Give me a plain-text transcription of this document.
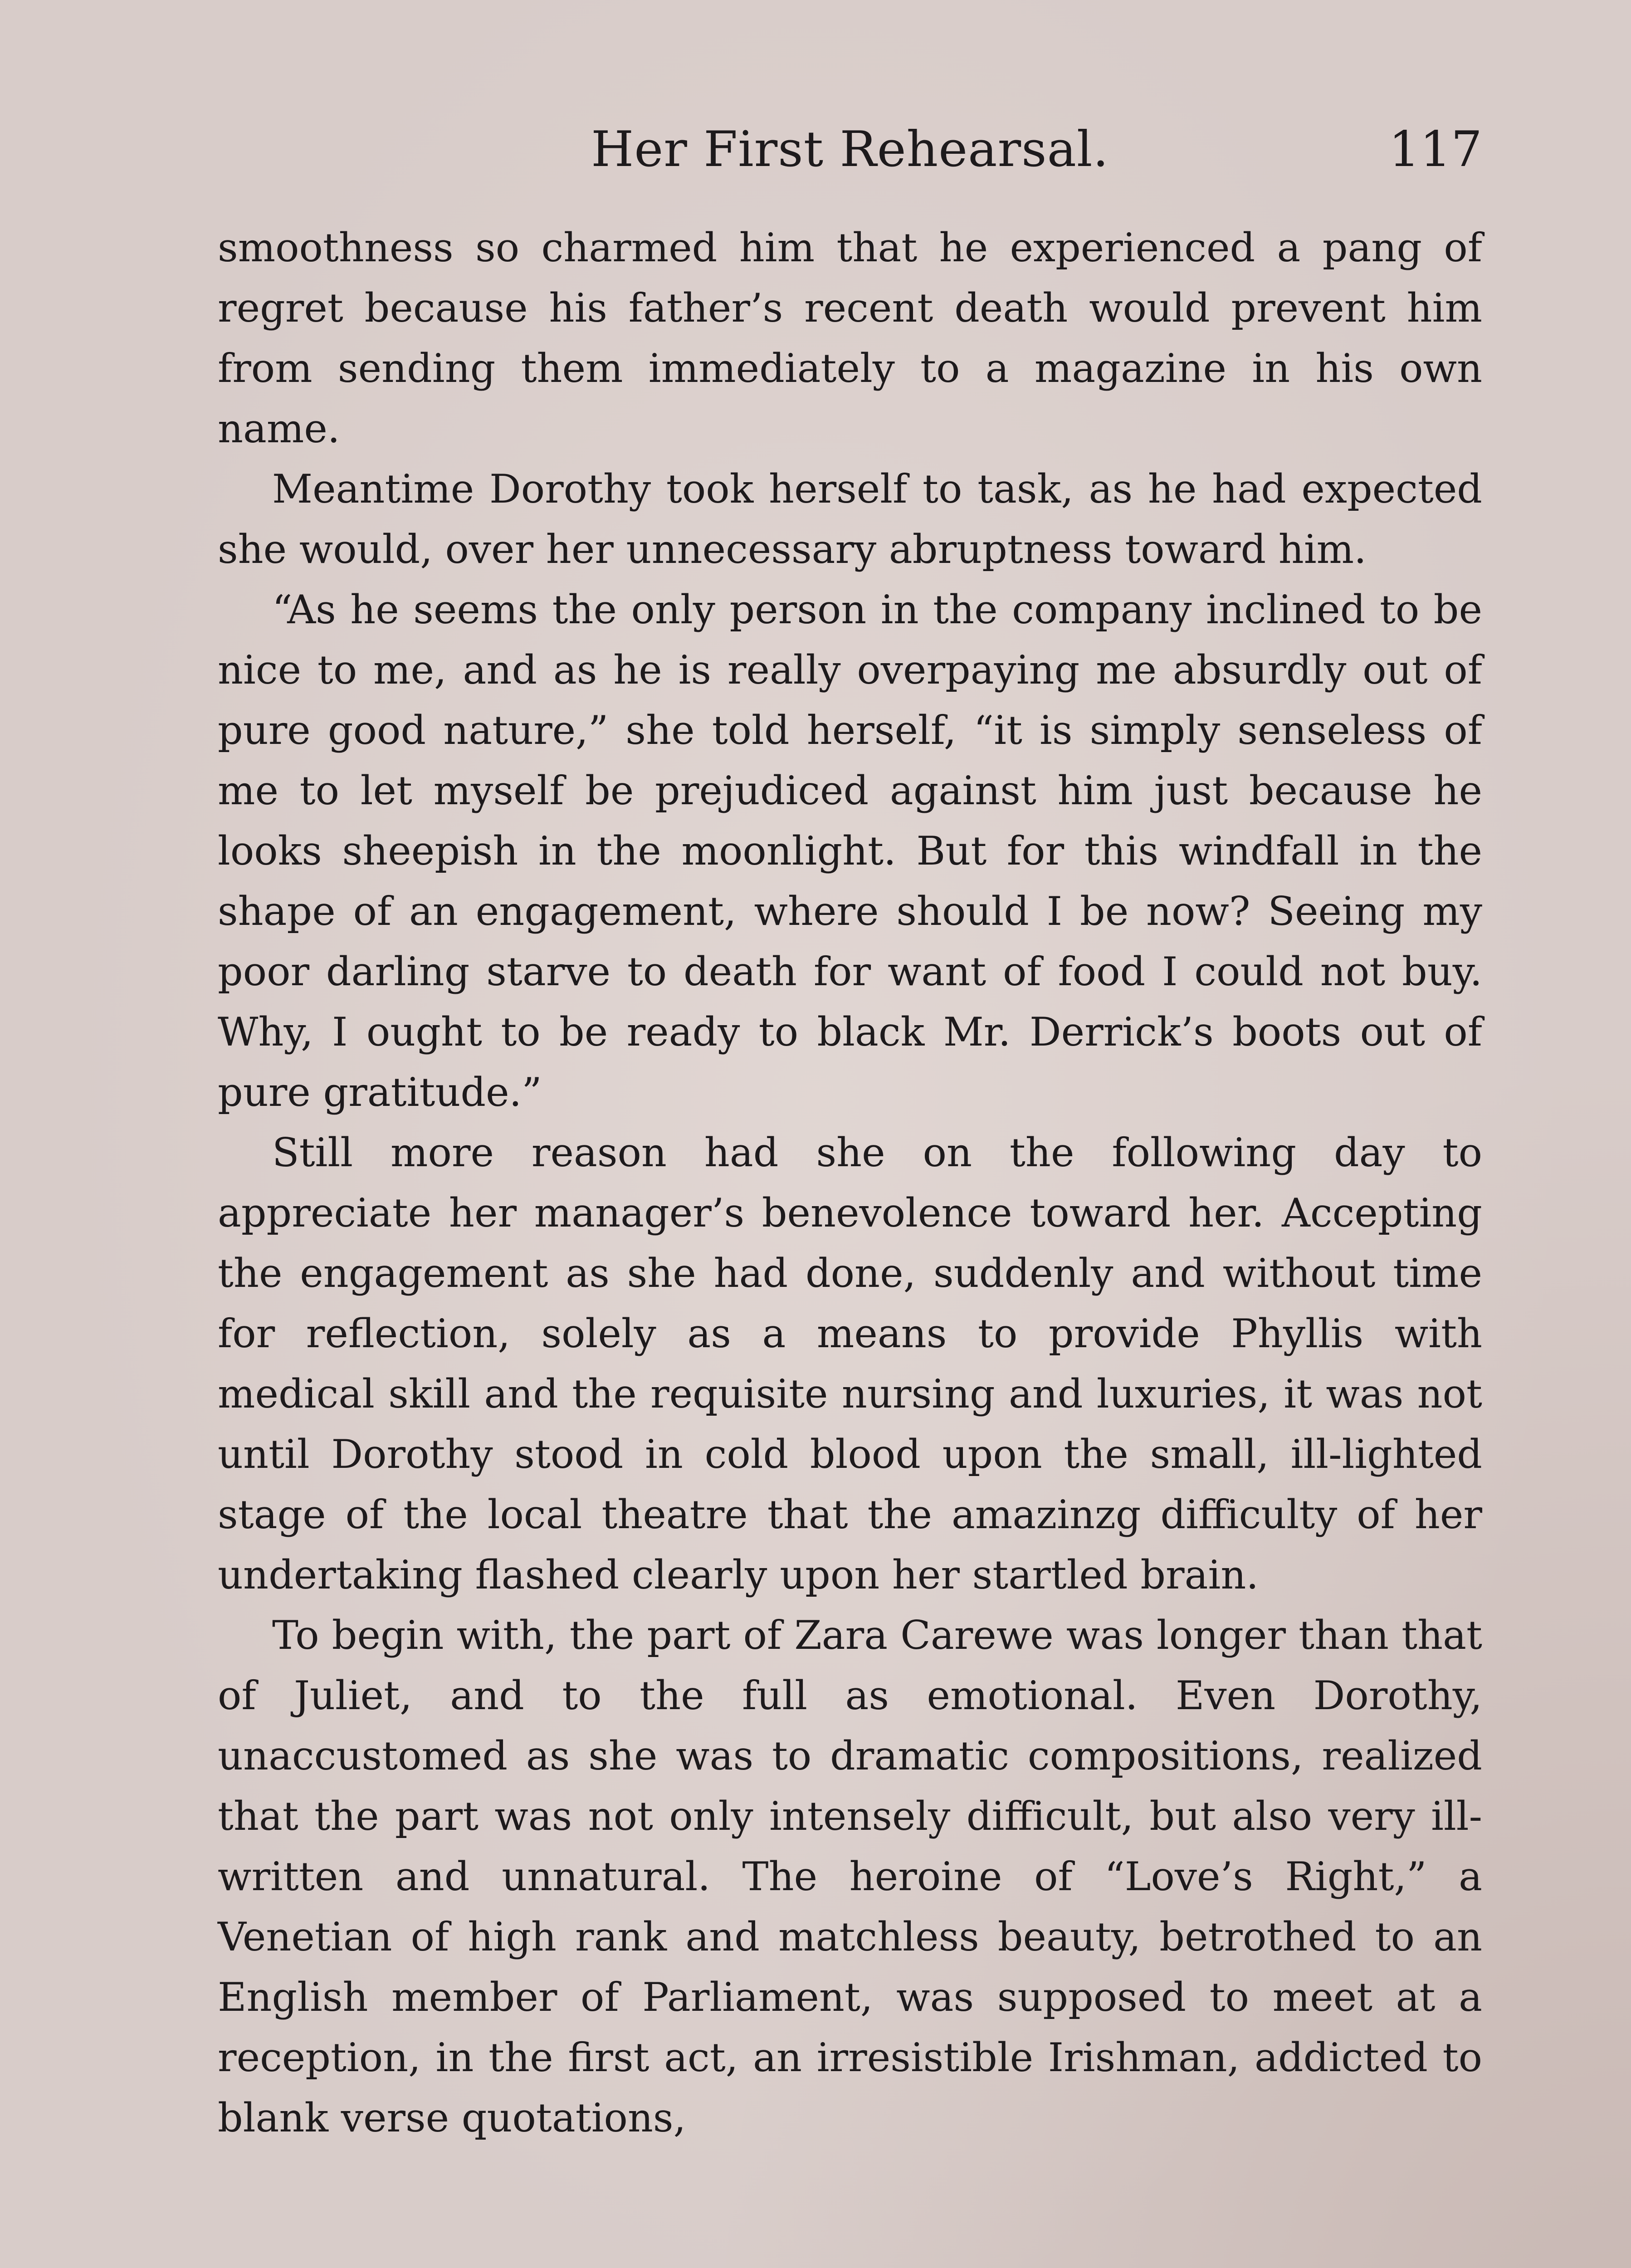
Her First Rehearsal.	117

smoothness so charmed him that he experienced a pang of regret because his father’s recent death would prevent him from sending them immediately to a magazine in his own name.

Meantime Dorothy took herself to task, as he had expected she would, over her unnecessary abruptness toward him.

“As he seems the only person in the company inclined to be nice to me, and as he is really overpaying me absurdly out of pure good nature,” she told herself, “it is simply senseless of me to let myself be prejudiced against him just because he looks sheepish in the moonlight. But for this windfall in the shape of an engagement, where should I be now? Seeing my poor darling starve to death for want of food I could not buy. Why, I ought to be ready to black Mr. Derrick’s boots out of pure gratitude.”

Still more reason had she on the following day to appreciate her manager’s benevolence toward her. Accepting the engagement as she had done, suddenly and without time for reflection, solely as a means to provide Phyllis with medical skill and the requisite nursing and luxuries, it was not until Dorothy stood in cold blood upon the small, ill-lighted stage of the local theatre that the amazinzg difficulty of her undertaking flashed clearly upon her startled brain.

To begin with, the part of Zara Carewe was longer than that of Juliet, and to the full as emotional. Even Dorothy, unaccustomed as she was to dramatic compositions, realized that the part was not only intensely difficult, but also very ill-written and unnatural. The heroine of “Love’s Right,” a Venetian of high rank and matchless beauty, betrothed to an English member of Parliament, was supposed to meet at a reception, in the first act, an irresistible Irishman, addicted to blank verse quotations,
